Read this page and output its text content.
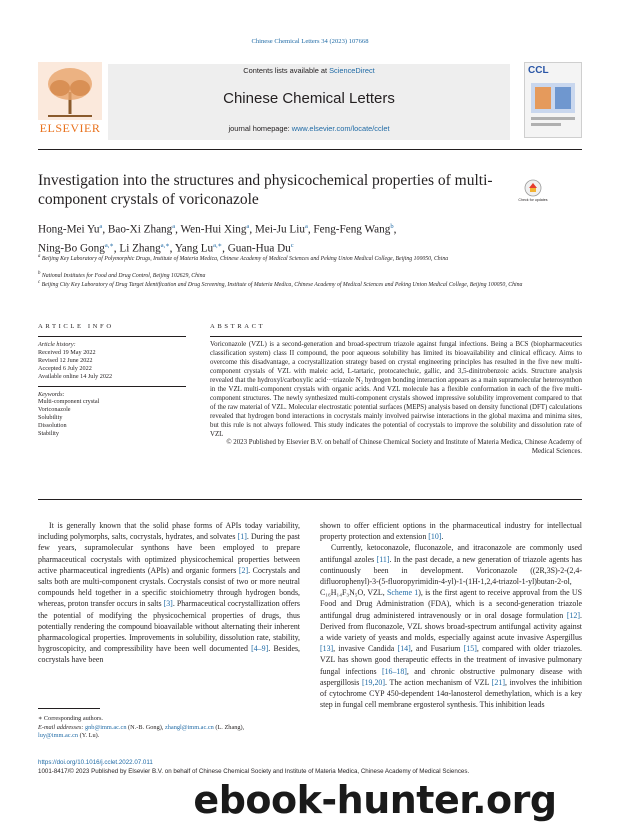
Chinese Chemical Letters 34 (2023) 107668
ELSEVIER
Contents lists available at ScienceDirect
Chinese Chemical Letters
journal homepage: www.elsevier.com/locate/cclet
CCL
Investigation into the structures and physicochemical properties of multi-component crystals of voriconazole	Check for updates
Hong-Mei Yu$^a$, Bao-Xi Zhang$^a$, Wen-Hui Xing$^a$, Mei-Ju Liu$^a$, Feng-Feng Wang$^b$,
Ning-Bo Gong$^{a,∗}$, Li Zhang$^{a,∗}$, Yang $Lu^{a,∗}$, Guan-Hua Du$^c$
$^a$ Beijing Key Laboratory of Polymorphic Drugs, Institute of Materia Medica, Chinese Academy of Medical Sciences and Peking Union Medical College, Beijing 100050, China
$^b$ National Institutes for Food and Drug Control, Beijing 102629, China
$^c$ Beijing City Key Laboratory of Drug Target Identification and Drug Screening, Institute of Materia Medica, Chinese Academy of Medical Sciences and Peking Union Medical College, Beijing 100050, China
ARTICLE INFO	ABSTRACT
Article history:
Received 19 May 2022
Revised 12 June 2022
Accepted 6 July 2022
Available online 14 July 2022
Keywords:
Multi-component crystal
Voriconazole
Solubility
Dissolution
Stability
Voriconazole (VZL) is a second-generation and broad-spectrum triazole against fungal infections. Being a BCS (biopharmaceutics classification system) class II compound, the poor aqueous solubility has limited its bioavailability and clinical efficacy. Aims to overcome this disadvantage, a cocrystallization strategy based on crystal engineering principles has resulted in the five new multi-component crystals of VZL with maleic acid, L-tartaric, protocatechuic, gallic, and 3,5-dinitrobenzoic acids. Structure analysis revealed that the hydroxyl/carboxylic acid···triazole N₂ hydrogen bonding interaction appears as a main supramolecular heterosynthon in the VZL multi-component crystals with organic acids. And VZL molecule has a flexible conformation in each of the five multi-component structures. The newly synthesized multi-component crystals showed impressive solubility improvement compared to that of the raw material of VZL. Molecular electrostatic potential surfaces (MEPS) analysis based on density functional (DFT) calculations revealed that hydrogen bond interactions in cocrystals mainly involved pairwise interactions in the global maxima and minima sites, but this rule is not always followed. This study indicates the potential of cocrystals to improve the solubility and dissolution rate of VZL
© 2023 Published by Elsevier B.V. on behalf of Chinese Chemical Society and Institute of Materia Medica, Chinese Academy of Medical Sciences.

It is generally known that the solid phase forms of APIs today variability, including polymorphs, salts, cocrystals, hydrates, and solvates [1]. During the past few years, supramolecular synthons have been employed to prepare pharmaceutical cocrystals with optimized physicochemical properties between active pharmaceutical ingredients (APIs) and organic formers [2]. Cocrystals and salts both are multi-component crystals. Cocrystals consist of two or more neutral compounds held together in a specific stoichiometry through hydrogen bonds, whereas, proton transfer occurs in salts [3]. Pharmaceutical cocrystallization offers the potential of modifying the physicochemical properties of drugs, thus potentially rendering the compound bioavailable without alternating their inherent pharmacological properties. Improvements in solubility, dissolution rate, stability, hygroscopicity, and compressibility have been well documented [4–9]. Besides, cocrystals have been

shown to offer efficient options in the pharmaceutical industry for intellectual property protection and extension [10].

Currently, ketoconazole, fluconazole, and itraconazole are commonly used antifungal azoles [11]. In the past decade, a new generation of triazole agents has continuously been in development. Voriconazole ((2R,3S)-2-(2,4-difluorophenyl)-3-(5-fluoropyrimidin-4-yl)-1-(1H-1,2,4-triazol-1-yl)butan-2-ol, C₁₆H₁₄F₃N₅O, VZL, Scheme 1), is the first agent to receive approval from the US Food and Drug Administration (FDA), which is a second-generation triazole antifungal drug administered intravenously or in oral dosage formulation [12]. Derived from fluconazole, VZL shows broad-spectrum antifungal activity against a wide variety of yeasts and molds, especially against acute invasive Aspergillus [13], invasive Candida [14], and Fusarium [15], compared with older triazoles. VZL has shown good therapeutic effects in the treatment of invasive pulmonary fungal infections [16–18], and chronic obstructive pulmonary disease with aspergillosis [19,20]. The action mechanism of VZL [21], involves the inhibition of cytochrome CYP 450-dependent 14α-lanosterol demethylation, which is a key step in fungal cell membrane ergosterol synthesis. This inhibition leads

∗ Corresponding authors.
E-mail addresses: gnb@imm.ac.cn (N.-B. Gong), zhangl@imm.ac.cn (L. Zhang),
luy@imm.ac.cn (Y. Lu).
https://doi.org/10.1016/j.cclet.2022.07.011
1001-8417/© 2023 Published by Elsevier B.V. on behalf of Chinese Chemical Society and Institute of Materia Medica, Chinese Academy of Medical Sciences.
ebook-hunter.org
